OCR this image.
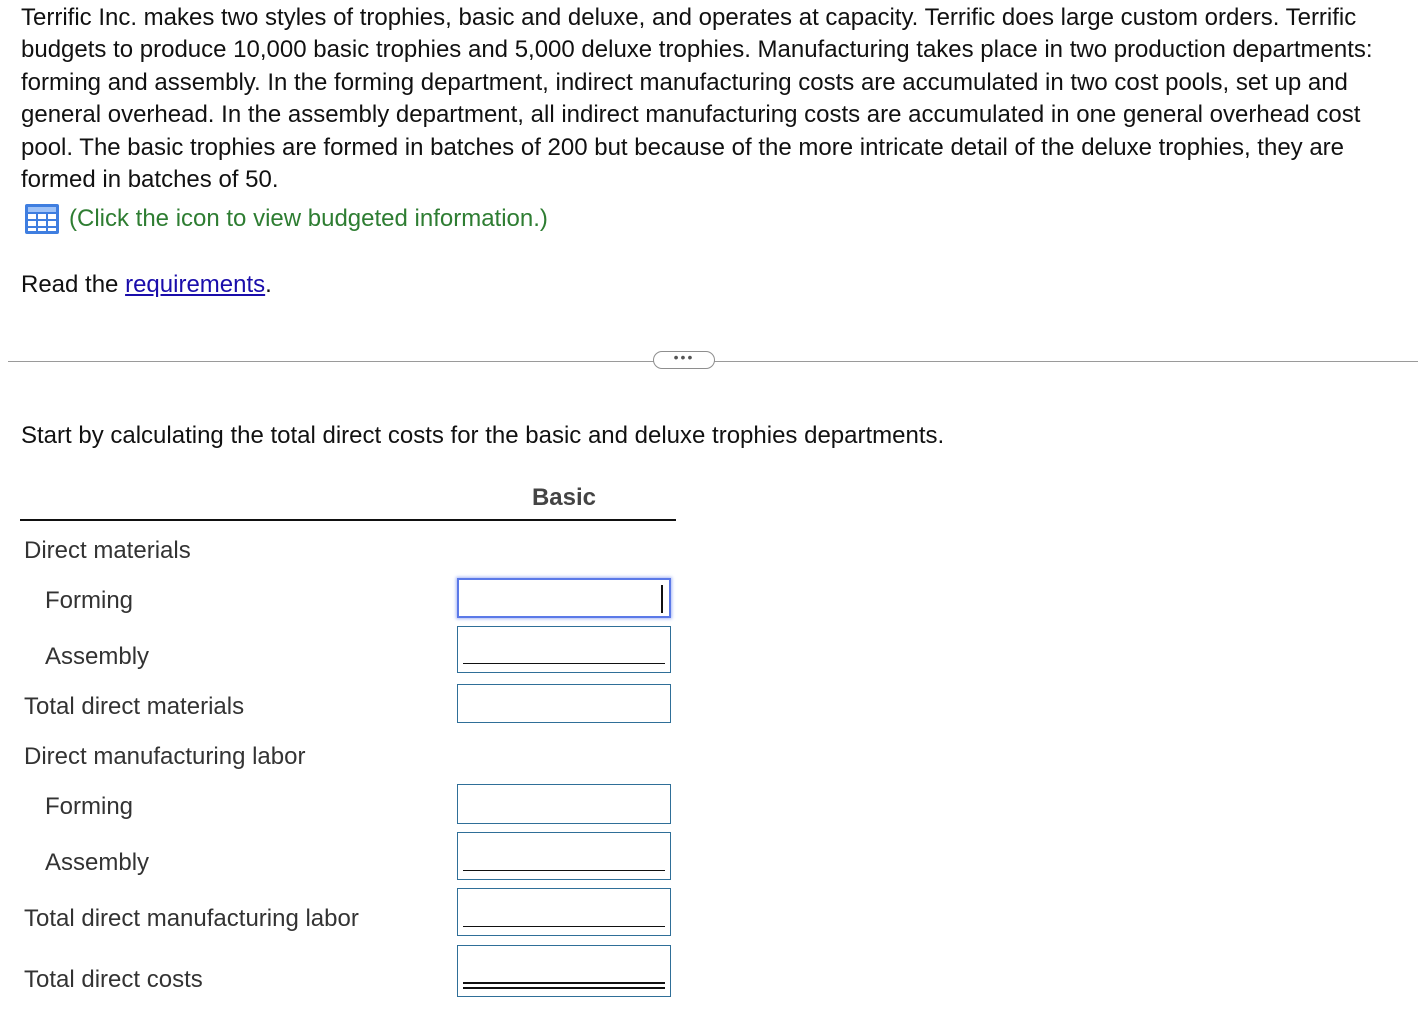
Terrific Inc. makes two styles of trophies, basic and deluxe, and operates at capacity. Terrific does large custom orders. Terrific budgets to produce 10,000 basic trophies and 5,000 deluxe trophies. Manufacturing takes place in two production departments: forming and assembly. In the forming department, indirect manufacturing costs are accumulated in two cost pools, set up and general overhead. In the assembly department, all indirect manufacturing costs are accumulated in one general overhead cost pool. The basic trophies are formed in batches of 200 but because of the more intricate detail of the deluxe trophies, they are formed in batches of 50.

(Click the icon to view budgeted information.)

Read the requirements.

•••

Start by calculating the total direct costs for the basic and deluxe trophies departments.

Basic
Direct materials
Forming
Assembly
Total direct materials
Direct manufacturing labor
Forming
Assembly
Total direct manufacturing labor
Total direct costs
